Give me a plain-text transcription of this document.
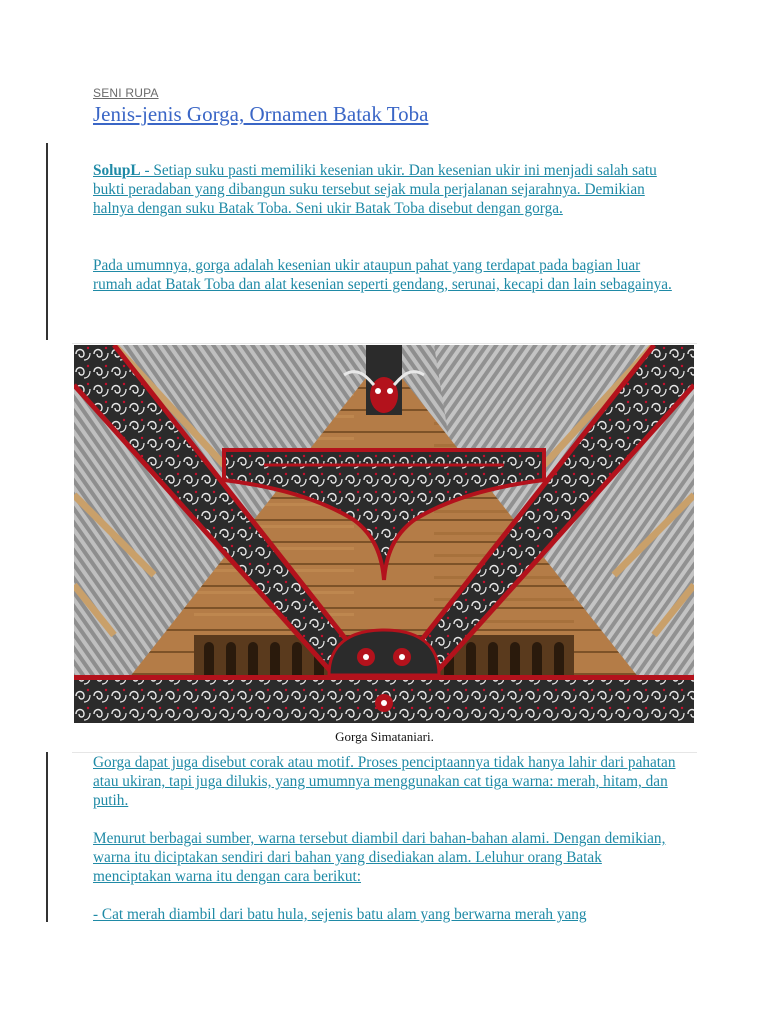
SENI RUPA
Jenis-jenis Gorga, Ornamen Batak Toba

SolupL - Setiap suku pasti memiliki kesenian ukir. Dan kesenian ukir ini menjadi salah satu bukti peradaban yang dibangun suku tersebut sejak mula perjalanan sejarahnya. Demikian halnya dengan suku Batak Toba. Seni ukir Batak Toba disebut dengan gorga.

Pada umumnya, gorga adalah kesenian ukir ataupun pahat yang terdapat pada bagian luar rumah adat Batak Toba dan alat kesenian seperti gendang, serunai, kecapi dan lain sebagainya.

Gorga Simataniari.

Gorga dapat juga disebut corak atau motif. Proses penciptaannya tidak hanya lahir dari pahatan atau ukiran, tapi juga dilukis, yang umumnya menggunakan cat tiga warna: merah, hitam, dan putih.

Menurut berbagai sumber, warna tersebut diambil dari bahan-bahan alami. Dengan demikian, warna itu diciptakan sendiri dari bahan yang disediakan alam. Leluhur orang Batak menciptakan warna itu dengan cara berikut:

- Cat merah diambil dari batu hula, sejenis batu alam yang berwarna merah yang
